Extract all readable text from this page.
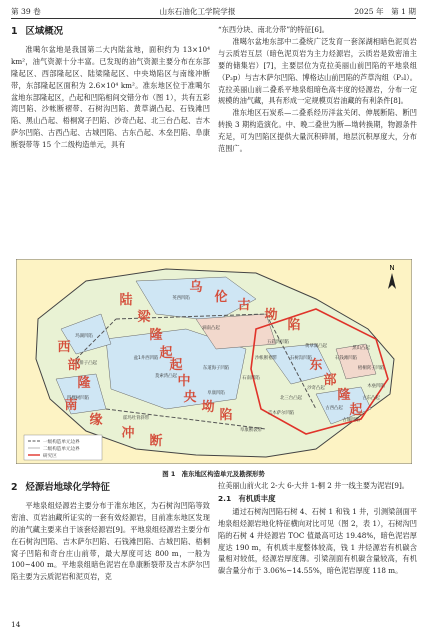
第 39 卷	山东石油化工学院学报	2025 年　第 1 期
1 区域概况

准噶尔盆地是我国第二大内陆盆地，面积约为 13×10⁴ km²，油气资源十分丰富。已发现的油气资源主要分布在东部隆起区、西部隆起区、陆梁隆起区、中央坳陷区与南缘冲断带，东部隆起区面积为 2.6×10⁴ km²。准东地区位于准噶尔盆地东部隆起区，凸起和凹陷相间交错分布（图 1），共有五彩湾凹陷、沙帐断褶带、石树沟凹陷、黄草湖凸起、石钱滩凹陷、黑山凸起、梧桐窝子凹陷、沙奇凸起、北三台凸起、吉木萨尔凹陷、古西凸起、古城凹陷、古东凸起、木垒凹陷、阜康断裂带等 15 个二级构造单元，具有

“东西分块、南北分带”的特征[6]。

准噶尔盆地东部中二叠统广泛发育一套深湖相暗色泥页岩与云质岩互层（暗色泥页岩为主力烃源岩，云质岩是致密油主要的储集岩）[7]，主要层位为克拉美丽山前凹陷的平地泉组（P₂p）与吉木萨尔凹陷、博格达山前凹陷的芦草沟组（P₂l）。克拉美丽山前二叠系平地泉组暗色高丰度的烃源岩，分布一定规模的油气藏，具有形成一定规模页岩油藏的有利条件[8]。

准东地区石炭系—二叠系经历洋盆关闭、伸展断陷、断凹转换 3 期构造演化。中、晚二叠世为断—坳转换期，物源条件充足，可为凹陷区提供大量沉积碎屑，地层沉积厚度大，分布范围广。

N
乌
伦
古
坳
陷
陆
梁
隆
起
西
部
隆
起
中
央
坳
陷
东
部
隆
起
南
缘
冲
断
滴南凸起
五彩湾凹陷
石树沟凹陷
沙帐断褶带
黄草湖凸起
石钱滩凹陷
黑山凸起
梧桐窝子凹陷
沙奇凸起
北三台凸起
吉木萨尔凹陷
古西凸起
古城凹陷
古东凸起
木垒凹陷
阜康断裂带
阜康凹陷
四棵树凹陷
车排子凸起
玛湖凹陷
盆1井西凹陷
东道海子凹陷
莫索湾凸起
霍玛吐背斜带
英西凹陷
石南凹陷
一级构造单元边界
二级构造单元边界
研究区
图 1　准东地区构造单元及勘探形势
2 烃源岩地球化学特征

平地泉组烃源岩主要分布于准东地区，为石树沟凹陷等致密油、页岩油藏所证实的一套有效烃源岩，目前准东地区发现的油气藏主要来自于该套烃源岩[9]。平地泉组烃源岩主要分布在石树沟凹陷、吉木萨尔凹陷、石钱滩凹陷、古城凹陷、梧桐窝子凹陷和奇台庄山前带，最大厚度可达 800 m，一般为 100~400 m。平地泉组暗色泥岩在阜康断裂带及吉木萨尔凹陷主要为云质泥岩和泥页岩，克

拉美丽山前火北 2-大 6-大井 1-桐 2 井一线主要为泥岩[9]。

2.1　 有机质丰度

通过石树沟凹陷石树 4、石树 1 和钱 1 井，引测梁剖面平地泉组烃源岩地化特征横向对比可见（图 2，表 1），石树沟凹陷的石树 4 井烃源岩 TOC 值最高可达 19.48%，暗色泥岩厚度达 190 m，有机质丰度整体较高，钱 1 井烃源岩有机碳含量相对较低，烃源岩厚度薄。引梁剖面有机碳含量较高，有机碳含量分布于 3.06%~14.55%，暗色泥岩厚度 118 m。

14
